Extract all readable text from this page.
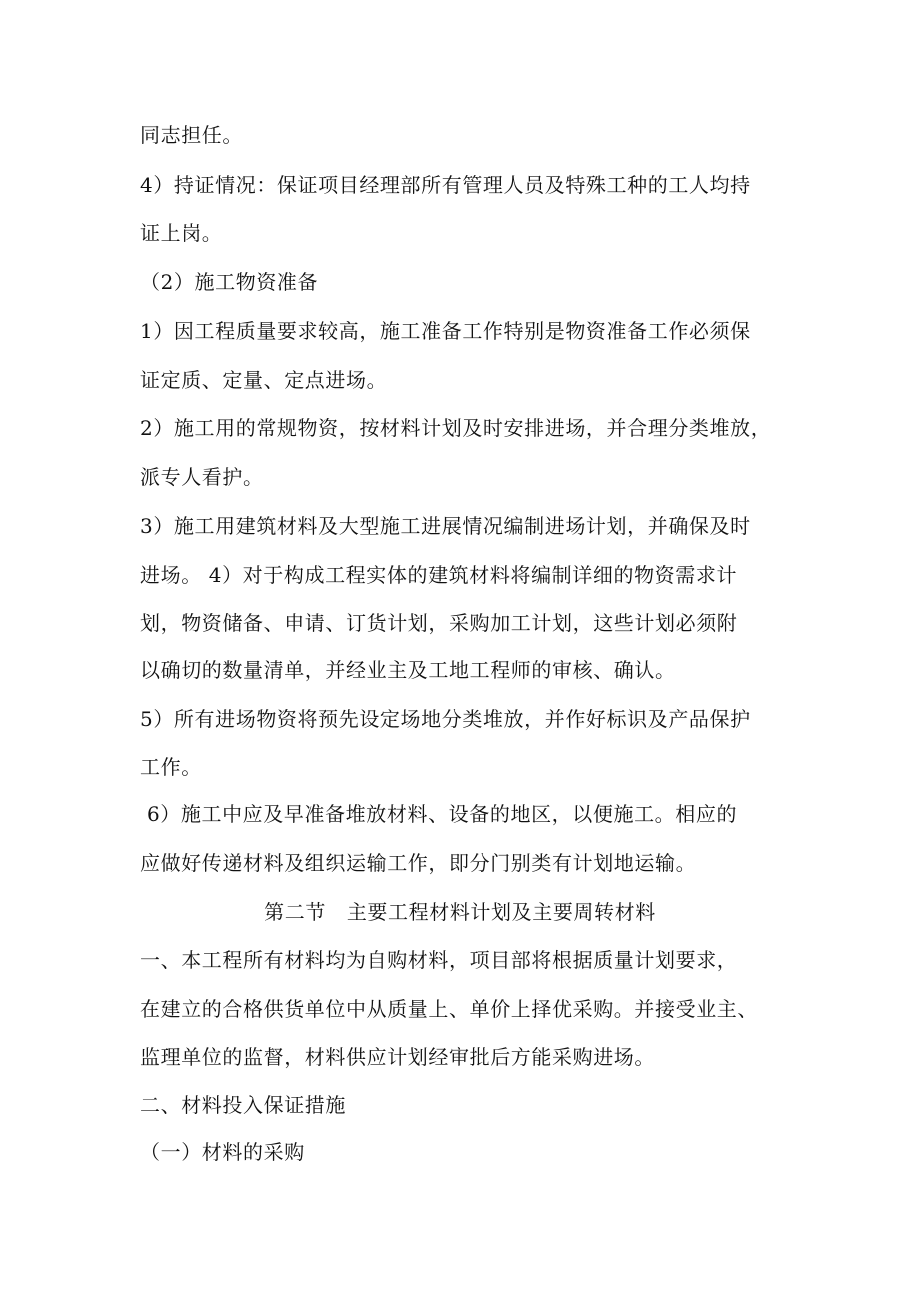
同志担任。
4）持证情况：保证项目经理部所有管理人员及特殊工种的工人均持
证上岗。
（2）施工物资准备
1）因工程质量要求较高，施工准备工作特别是物资准备工作必须保
证定质、定量、定点进场。
2）施工用的常规物资，按材料计划及时安排进场，并合理分类堆放，
派专人看护。
3）施工用建筑材料及大型施工进展情况编制进场计划，并确保及时
进场。 4）对于构成工程实体的建筑材料将编制详细的物资需求计
划，物资储备、申请、订货计划，采购加工计划，这些计划必须附
以确切的数量清单，并经业主及工地工程师的审核、确认。
5）所有进场物资将预先设定场地分类堆放，并作好标识及产品保护
工作。
6）施工中应及早准备堆放材料、设备的地区，以便施工。相应的
应做好传递材料及组织运输工作，即分门别类有计划地运输。
第二节   主要工程材料计划及主要周转材料
一、本工程所有材料均为自购材料，项目部将根据质量计划要求，
在建立的合格供货单位中从质量上、单价上择优采购。并接受业主、
监理单位的监督，材料供应计划经审批后方能采购进场。
二、材料投入保证措施
（一）材料的采购
